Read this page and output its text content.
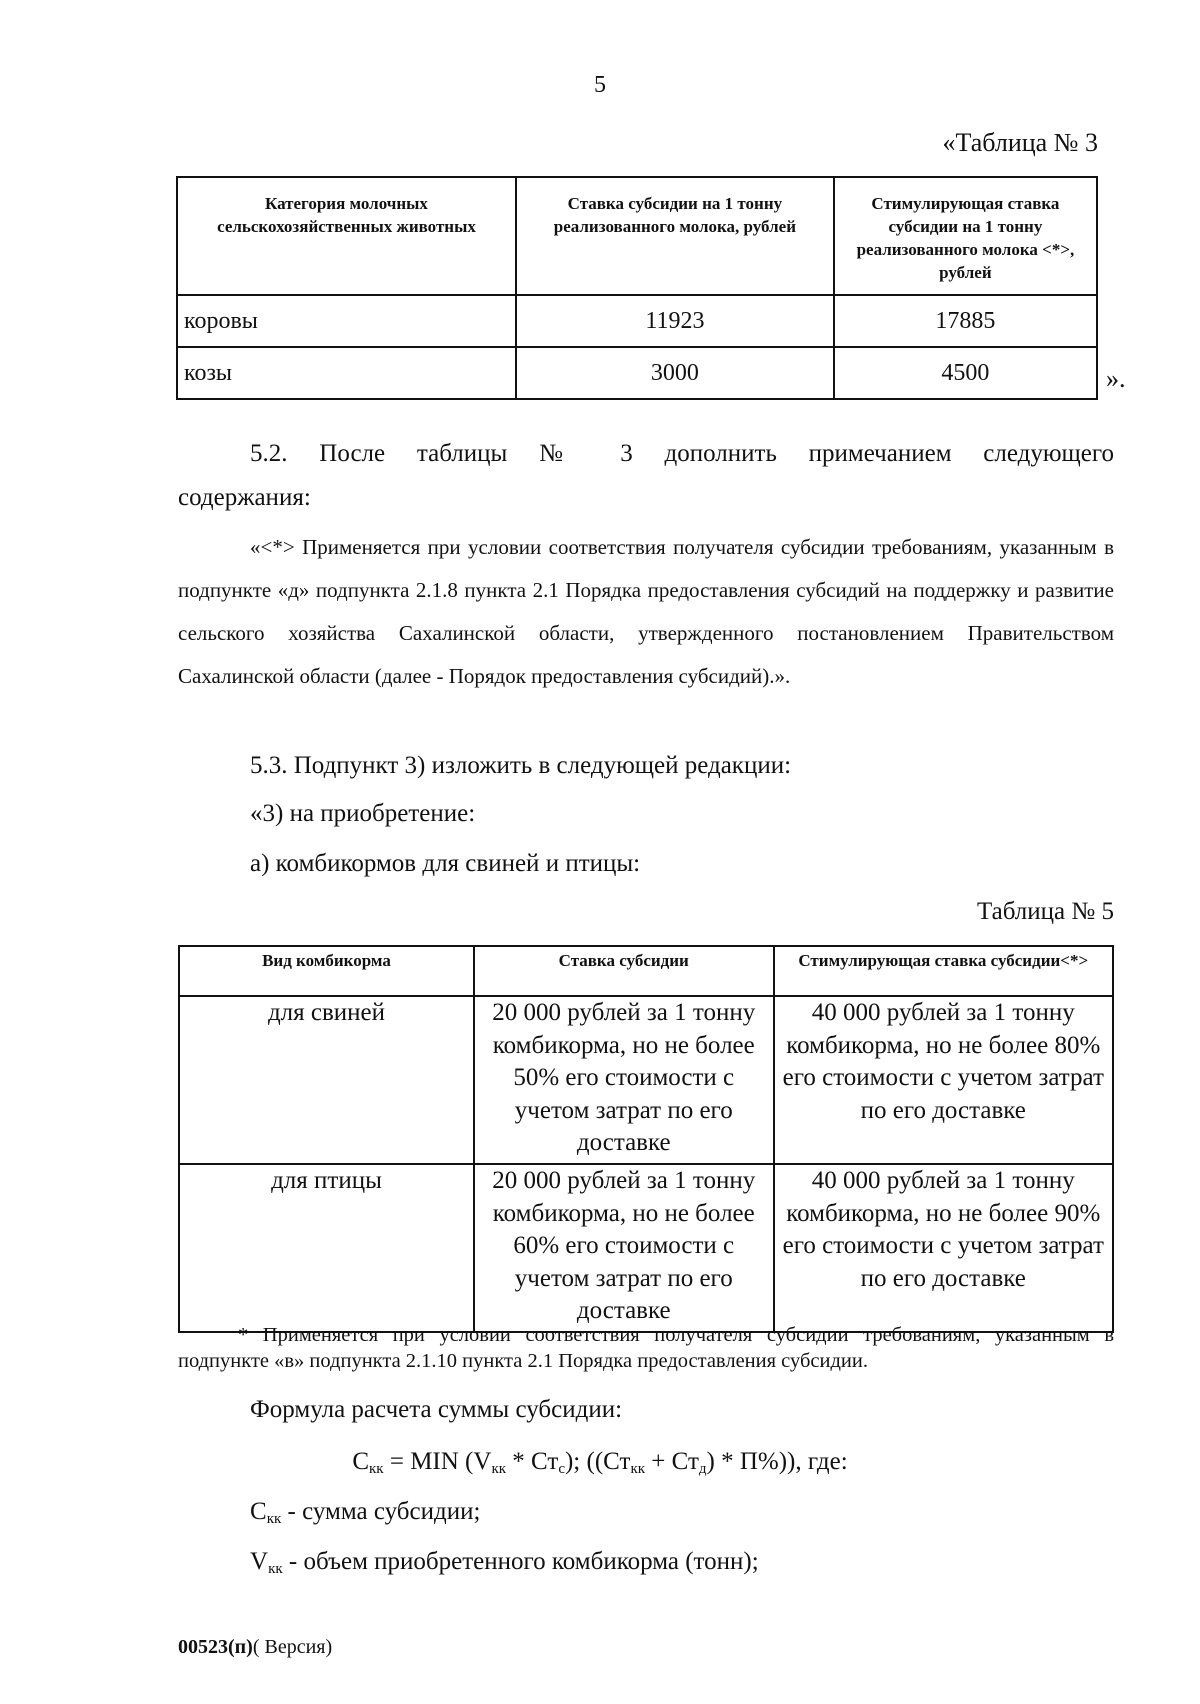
5
«Таблица № 3
Категория молочных сельскохозяйственных животных	Ставка субсидии на 1 тонну реализованного молока, рублей	Стимулирующая ставка субсидии на 1 тонну реализованного молока <*>, рублей
коровы	11923	17885
козы	3000	4500	».
5.2. После таблицы № 3 дополнить примечанием следующего
содержания:
«<*> Применяется при условии соответствия получателя субсидии требованиям, указанным в подпункте «д» подпункта 2.1.8 пункта 2.1 Порядка предоставления субсидий на поддержку и развитие сельского хозяйства Сахалинской области, утвержденного постановлением Правительством Сахалинской области (далее - Порядок предоставления субсидий).».
5.3. Подпункт 3) изложить в следующей редакции:
«3) на приобретение:
а) комбикормов для свиней и птицы:
Таблица № 5
Вид комбикорма	Ставка субсидии	Стимулирующая ставка субсидии<*>
для свиней	20 000 рублей за 1 тонну комбикорма, но не более 50% его стоимости с учетом затрат по его доставке	40 000 рублей за 1 тонну комбикорма, но не более 80% его стоимости с учетом затрат по его доставке
для птицы	20 000 рублей за 1 тонну комбикорма, но не более 60% его стоимости с учетом затрат по его доставке	40 000 рублей за 1 тонну комбикорма, но не более 90% его стоимости с учетом затрат по его доставке
* Применяется при условии соответствия получателя субсидии требованиям, указанным в подпункте «в» подпункта 2.1.10 пункта 2.1 Порядка предоставления субсидии.
Формула расчета суммы субсидии:
$С_{кк}$ = MIN $(V_{кк} * Ст_с)$; $((Ст_{кк} + Ст_д) * П\%)$), где:
$С_{кк}$ - сумма субсидии;
$V_{кк}$ - объем приобретенного комбикорма (тонн);
00523(п)( Версия)
